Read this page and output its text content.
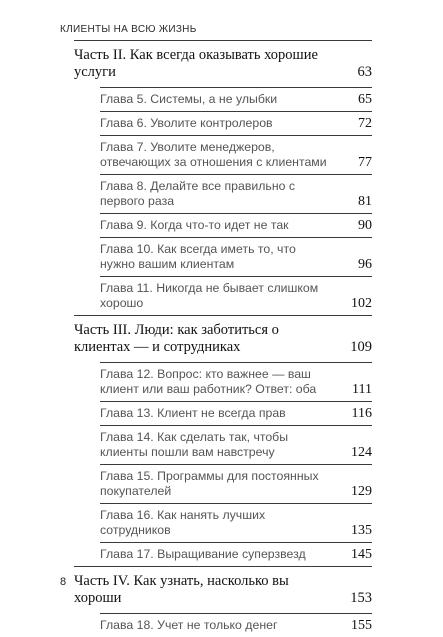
КЛИЕНТЫ НА ВСЮ ЖИЗНЬ
Часть II. Как всегда оказывать хорошие услуги	63
Глава 5. Системы, а не улыбки	65
Глава 6. Уволите контролеров	72
Глава 7. Уволите менеджеров, отвечающих за отношения с клиентами	77
Глава 8. Делайте все правильно с первого раза	81
Глава 9. Когда что-то идет не так	90
Глава 10. Как всегда иметь то, что нужно вашим клиентам	96
Глава 11. Никогда не бывает слишком хорошо	102
Часть III. Люди: как заботиться о клиентах — и сотрудниках	109
Глава 12. Вопрос: кто важнее — ваш клиент или ваш работник? Ответ: оба	111
Глава 13. Клиент не всегда прав	116
Глава 14. Как сделать так, чтобы клиенты пошли вам навстречу	124
Глава 15. Программы для постоянных покупателей	129
Глава 16. Как нанять лучших сотрудников	135
Глава 17. Выращивание суперзвезд	145
Часть IV. Как узнать, насколько вы хороши	153
Глава 18. Учет не только денег	155
8
